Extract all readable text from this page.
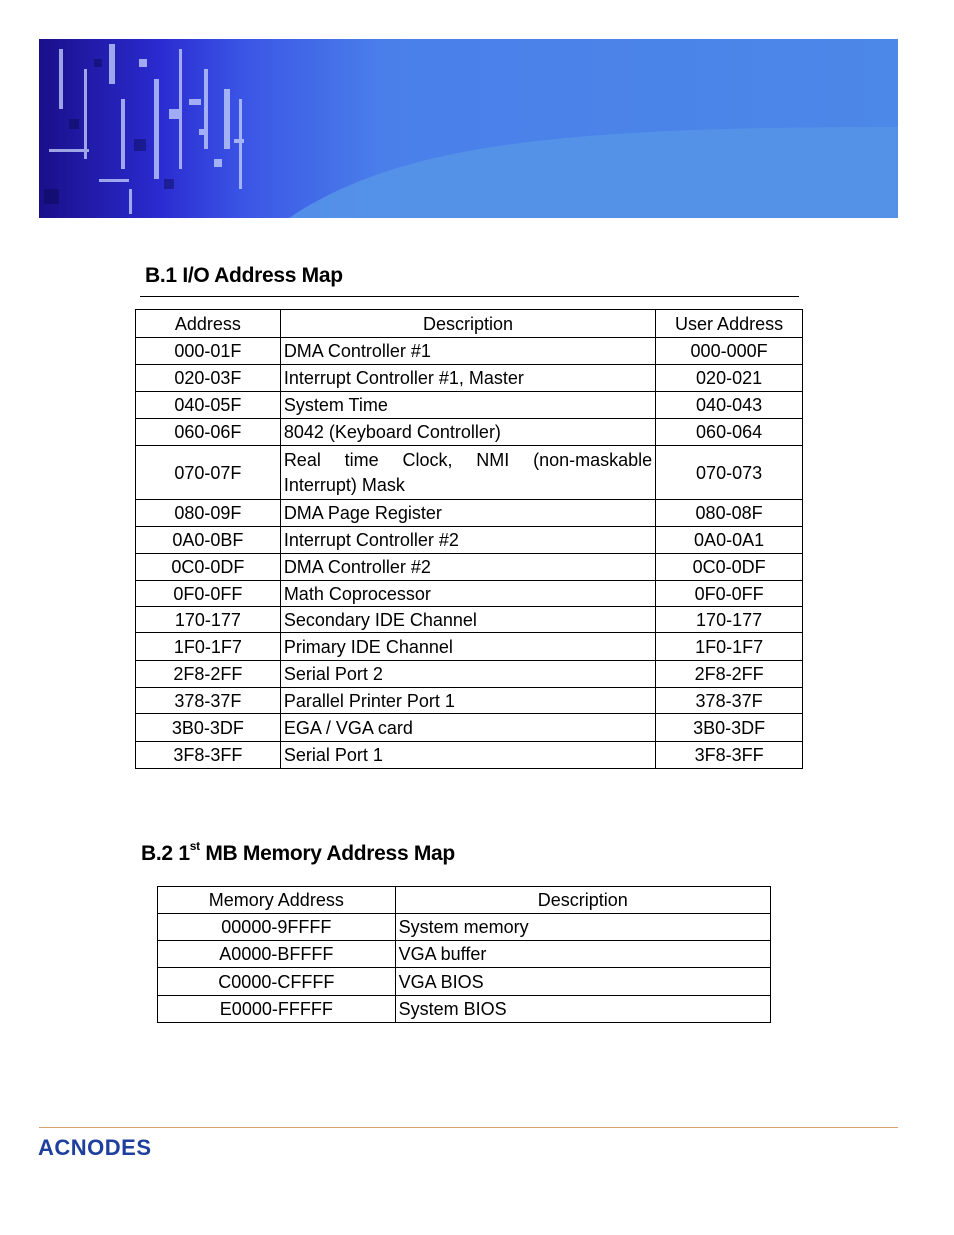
B.1 I/O Address Map
Address	Description	User Address
000-01F	DMA Controller #1	000-000F
020-03F	Interrupt Controller #1, Master	020-021
040-05F	System Time	040-043
060-06F	8042 (Keyboard Controller)	060-064
070-07F	Real time Clock, NMI (non-maskable Interrupt) Mask	070-073
080-09F	DMA Page Register	080-08F
0A0-0BF	Interrupt Controller #2	0A0-0A1
0C0-0DF	DMA Controller #2	0C0-0DF
0F0-0FF	Math Coprocessor	0F0-0FF
170-177	Secondary IDE Channel	170-177
1F0-1F7	Primary IDE Channel	1F0-1F7
2F8-2FF	Serial Port 2	2F8-2FF
378-37F	Parallel Printer Port 1	378-37F
3B0-3DF	EGA / VGA card	3B0-3DF
3F8-3FF	Serial Port 1	3F8-3FF
B.2 1st MB Memory Address Map
Memory Address	Description
00000-9FFFF	System memory
A0000-BFFFF	VGA buffer
C0000-CFFFF	VGA BIOS
E0000-FFFFF	System BIOS
ACNODES
